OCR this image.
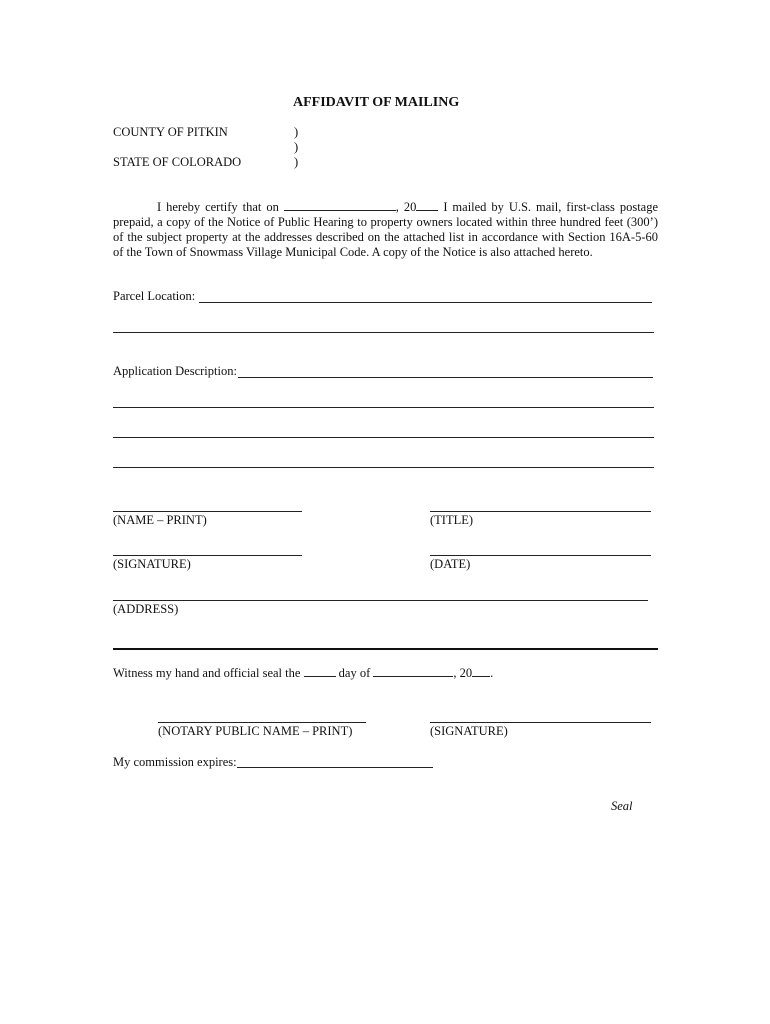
AFFIDAVIT OF MAILING
COUNTY OF PITKIN	)
)
STATE OF COLORADO	)
I hereby certify that on	, 20 I mailed by U.S. mail, first-class postage prepaid, a copy of the Notice of Public Hearing to property owners located within three hundred feet (300’) of the subject property at the addresses described on the attached list in accordance with Section 16A-5-60 of the Town of Snowmass Village Municipal Code. A copy of the Notice is also attached hereto.
Parcel Location:
Application Description:
(NAME – PRINT)	(TITLE)
(SIGNATURE)	(DATE)
(ADDRESS)
Witness my hand and official seal the	day of	, 20 .
(NOTARY PUBLIC NAME – PRINT)	(SIGNATURE)
My commission expires:
Seal
